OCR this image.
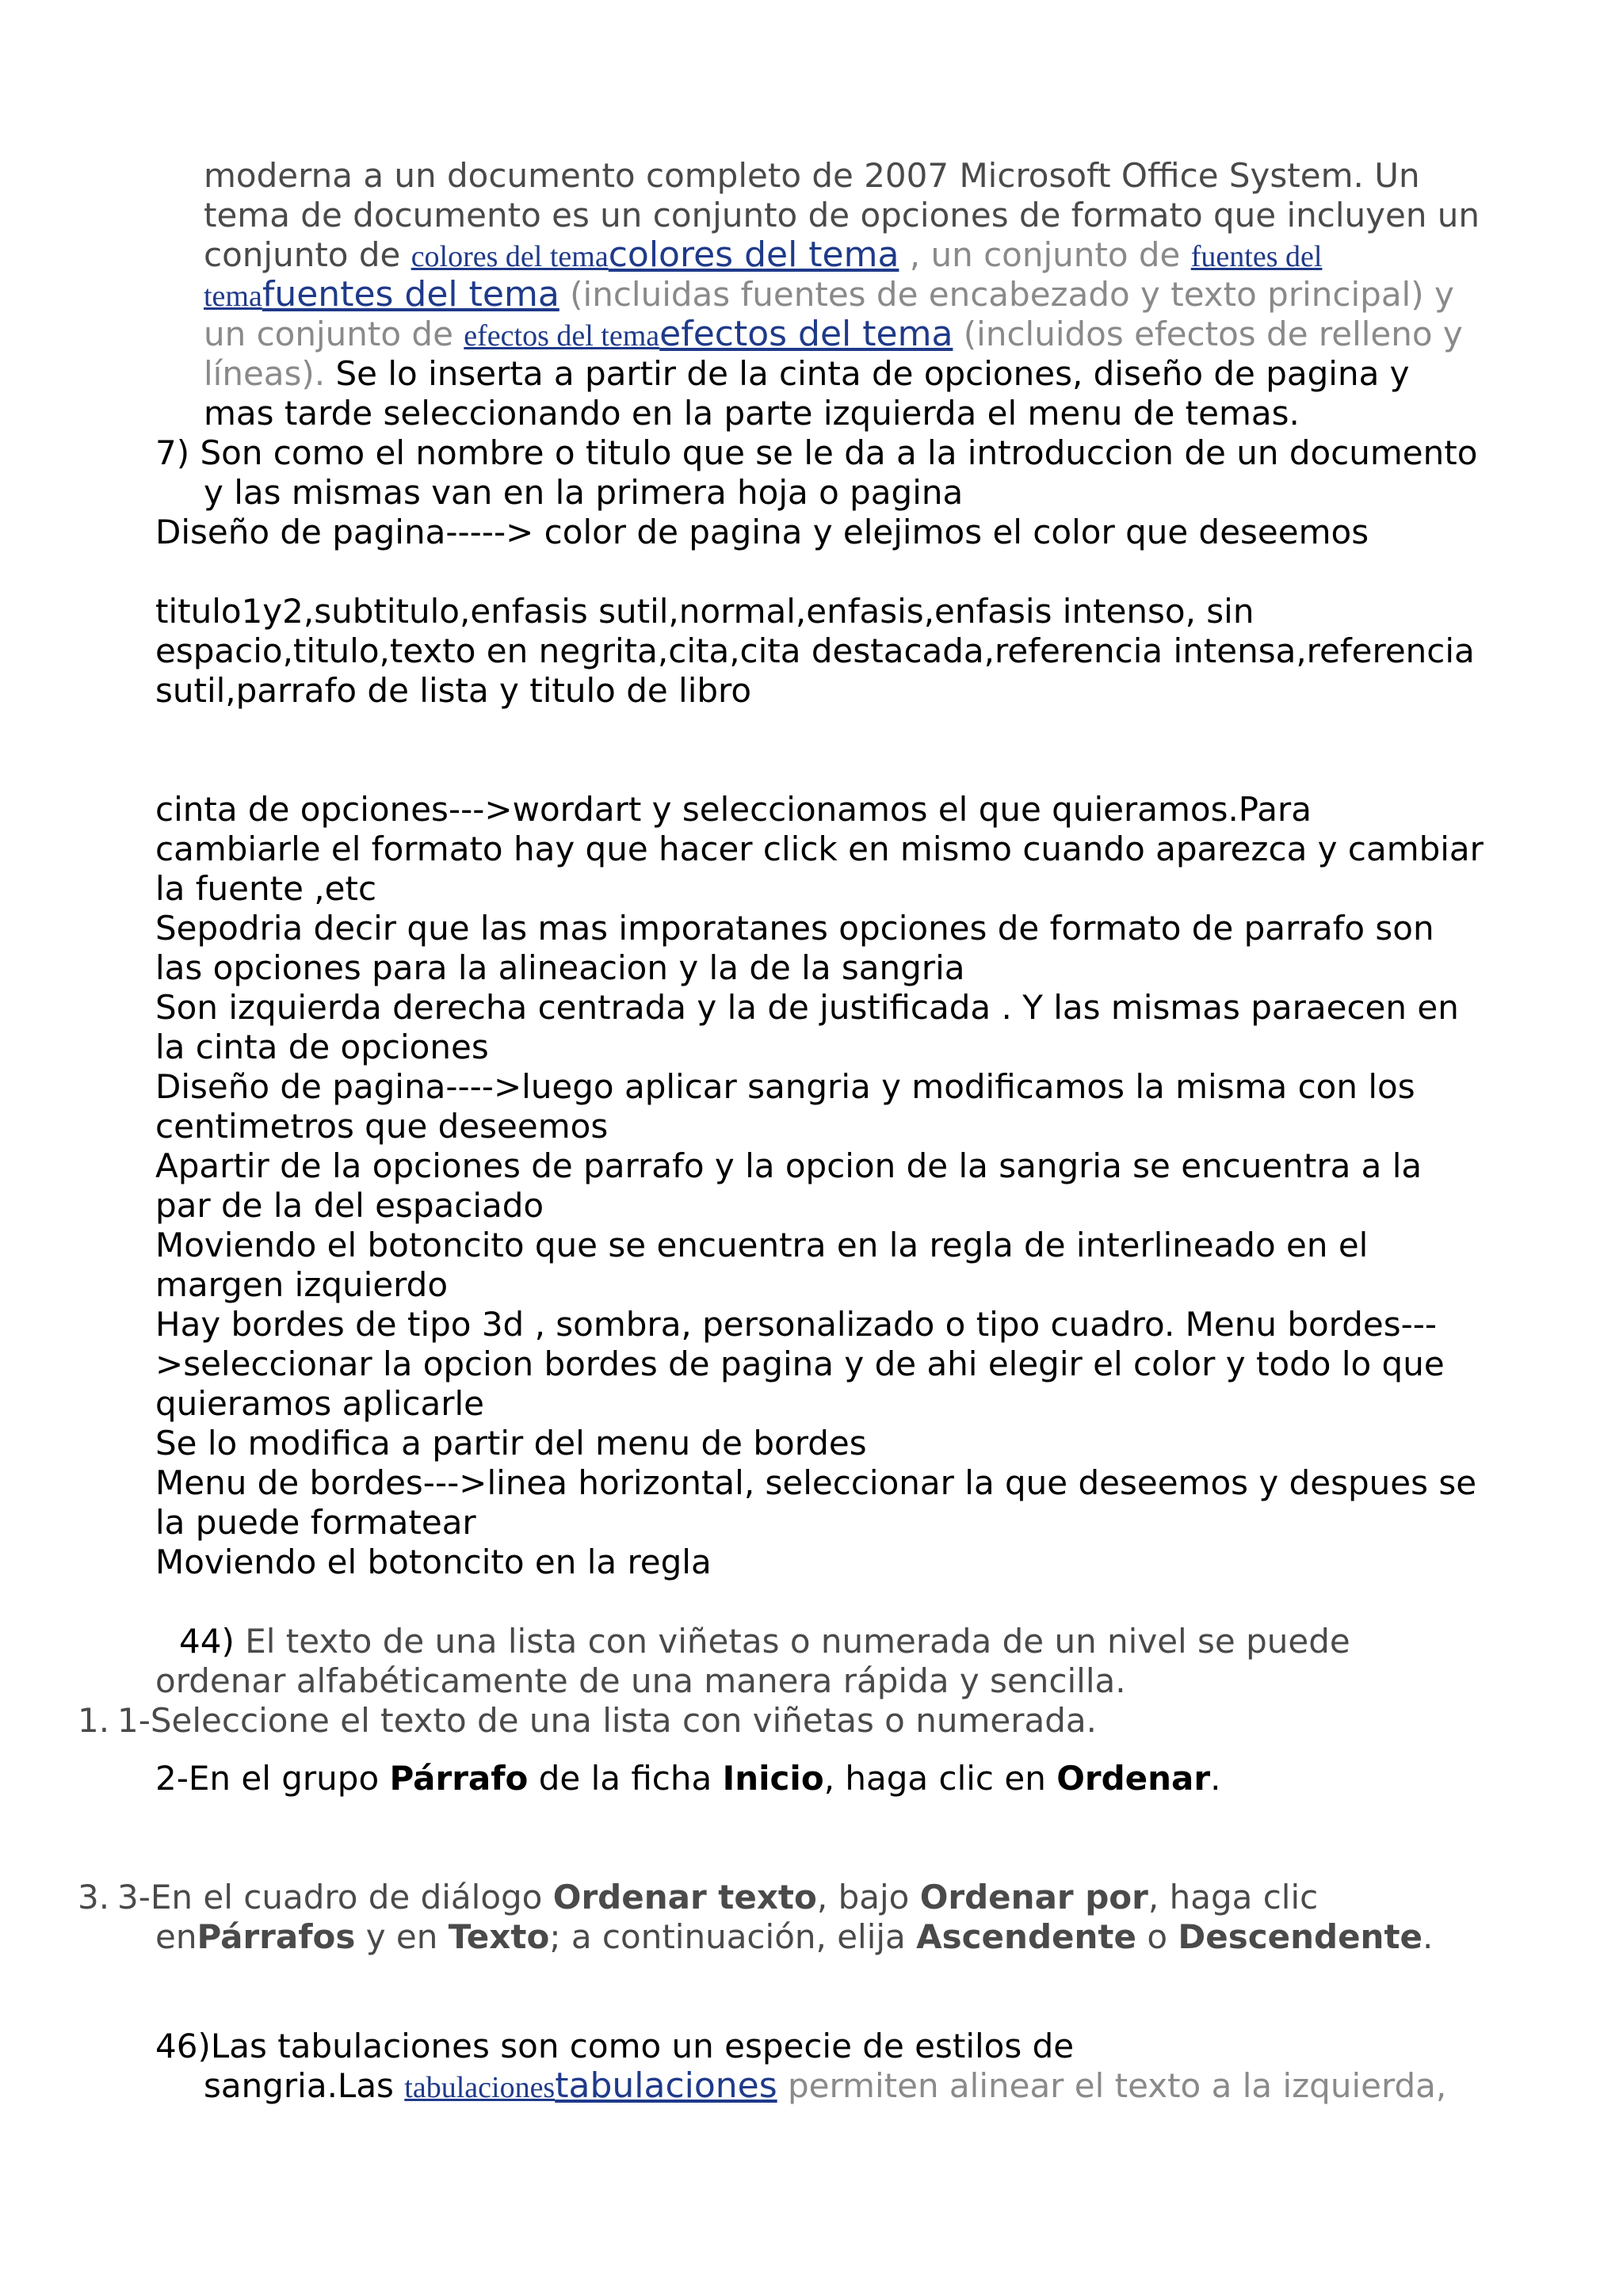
moderna a un documento completo de 2007 Microsoft Office System. Un
tema de documento es un conjunto de opciones de formato que incluyen un
conjunto de colores del temacolores del tema , un conjunto de fuentes del
temafuentes del tema (incluidas fuentes de encabezado y texto principal) y
un conjunto de efectos del temaefectos del tema (incluidos efectos de relleno y
líneas). Se lo inserta a partir de la cinta de opciones, diseño de pagina y
mas tarde seleccionando en la parte izquierda el menu de temas.
7) Son como el nombre o titulo que se le da a la introduccion de un documento
y las mismas van en la primera hoja o pagina
Diseño de pagina-----> color de pagina y elejimos el color que deseemos
titulo1y2,subtitulo,enfasis sutil,normal,enfasis,enfasis intenso, sin
espacio,titulo,texto en negrita,cita,cita destacada,referencia intensa,referencia
sutil,parrafo de lista y titulo de libro
cinta de opciones--->wordart y seleccionamos el que quieramos.Para
cambiarle el formato hay que hacer click en mismo cuando aparezca y cambiar
la fuente ,etc
Sepodria decir que las mas imporatanes opciones de formato de parrafo son
las opciones para la alineacion y la de la sangria
Son izquierda derecha centrada y la de justificada . Y las mismas paraecen en
la cinta de opciones
Diseño de pagina---->luego aplicar sangria y modificamos la misma con los
centimetros que deseemos
Apartir de la opciones de parrafo y la opcion de la sangria se encuentra a la
par de la del espaciado
Moviendo el botoncito que se encuentra en la regla de interlineado en el
margen izquierdo
Hay bordes de tipo 3d , sombra, personalizado o tipo cuadro. Menu bordes---
>seleccionar la opcion bordes de pagina y de ahi elegir el color y todo lo que
quieramos aplicarle
Se lo modifica a partir del menu de bordes
Menu de bordes--->linea horizontal, seleccionar la que deseemos y despues se
la puede formatear
Moviendo el botoncito en la regla
44) El texto de una lista con viñetas o numerada de un nivel se puede
ordenar alfabéticamente de una manera rápida y sencilla.
1. 1-Seleccione el texto de una lista con viñetas o numerada.
2-En el grupo Párrafo de la ficha Inicio, haga clic en Ordenar.
3. 3-En el cuadro de diálogo Ordenar texto, bajo Ordenar por, haga clic
enPárrafos y en Texto; a continuación, elija Ascendente o Descendente.
46)Las tabulaciones son como un especie de estilos de
sangria.Las tabulacionestabulaciones permiten alinear el texto a la izquierda,
